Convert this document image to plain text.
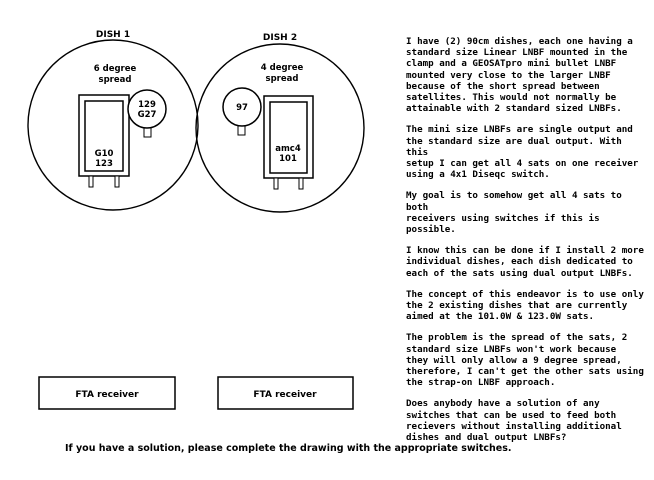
DISH 1
6 degree
spread
G10
123
129
G27
DISH 2
4 degree
spread
amc4
101
97
FTA receiver	FTA receiver

I have (2) 90cm dishes, each one having a
standard size Linear LNBF mounted in the
clamp and a GEOSATpro mini bullet LNBF
mounted very close to the larger LNBF
because of the short spread between
satellites. This would not normally be
attainable with 2 standard sized LNBFs.

The mini size LNBFs are single output and
the standard size are dual output. With this
setup I can get all 4 sats on one receiver
using a 4x1 Diseqc switch.

My goal is to somehow get all 4 sats to both
receivers using switches if this is possible.

I know this can be done if I install 2 more
individual dishes, each dish dedicated to
each of the sats using dual output LNBFs.

The concept of this endeavor is to use only
the 2 existing dishes that are currently
aimed at the 101.0W & 123.0W sats.

The problem is the spread of the sats, 2
standard size LNBFs won't work because
they will only allow a 9 degree spread,
therefore, I can't get the other sats using
the strap-on LNBF approach.

Does anybody have a solution of any
switches that can be used to feed both
recievers without installing additional
dishes and dual output LNBFs?

If you have a solution, please complete the drawing with the appropriate switches.
